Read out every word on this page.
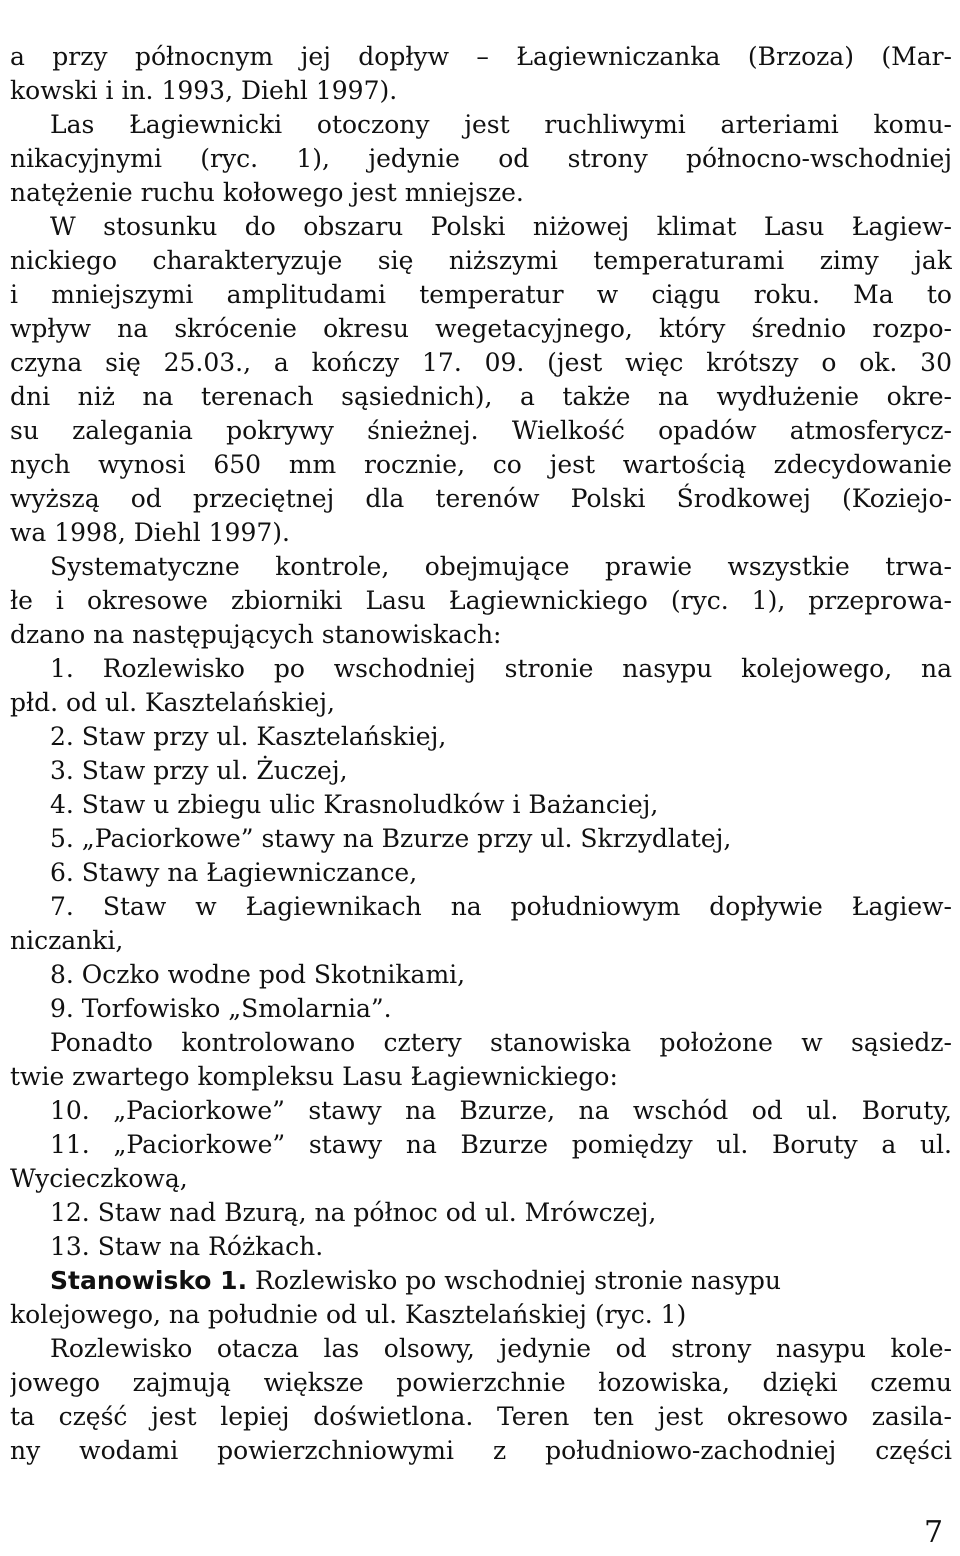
a przy północnym jej dopływ – Łagiewniczanka (Brzoza) (Mar-
kowski i in. 1993, Diehl 1997).
Las Łagiewnicki otoczony jest ruchliwymi arteriami komu-
nikacyjnymi (ryc. 1), jedynie od strony północno-wschodniej
natężenie ruchu kołowego jest mniejsze.
W stosunku do obszaru Polski niżowej klimat Lasu Łagiew-
nickiego charakteryzuje się niższymi temperaturami zimy jak
i mniejszymi amplitudami temperatur w ciągu roku. Ma to
wpływ na skrócenie okresu wegetacyjnego, który średnio rozpo-
czyna się 25.03., a kończy 17. 09. (jest więc krótszy o ok. 30
dni niż na terenach sąsiednich), a także na wydłużenie okre-
su zalegania pokrywy śnieżnej. Wielkość opadów atmosferycz-
nych wynosi 650 mm rocznie, co jest wartością zdecydowanie
wyższą od przeciętnej dla terenów Polski Środkowej (Koziejo-
wa 1998, Diehl 1997).
Systematyczne kontrole, obejmujące prawie wszystkie trwa-
łe i okresowe zbiorniki Lasu Łagiewnickiego (ryc. 1), przeprowa-
dzano na następujących stanowiskach:
1. Rozlewisko po wschodniej stronie nasypu kolejowego, na
płd. od ul. Kasztelańskiej,
2. Staw przy ul. Kasztelańskiej,
3. Staw przy ul. Żuczej,
4. Staw u zbiegu ulic Krasnoludków i Bażanciej,
5. „Paciorkowe” stawy na Bzurze przy ul. Skrzydlatej,
6. Stawy na Łagiewniczance,
7. Staw w Łagiewnikach na południowym dopływie Łagiew-
niczanki,
8. Oczko wodne pod Skotnikami,
9. Torfowisko „Smolarnia”.
Ponadto kontrolowano cztery stanowiska położone w sąsiedz-
twie zwartego kompleksu Lasu Łagiewnickiego:
10. „Paciorkowe” stawy na Bzurze, na wschód od ul. Boruty,
11. „Paciorkowe” stawy na Bzurze pomiędzy ul. Boruty a ul.
Wycieczkową,
12. Staw nad Bzurą, na północ od ul. Mrówczej,
13. Staw na Różkach.
Stanowisko 1. Rozlewisko po wschodniej stronie nasypu
kolejowego, na południe od ul. Kasztelańskiej (ryc. 1)
Rozlewisko otacza las olsowy, jedynie od strony nasypu kole-
jowego zajmują większe powierzchnie łozowiska, dzięki czemu
ta część jest lepiej doświetlona. Teren ten jest okresowo zasila-
ny wodami powierzchniowymi z południowo-zachodniej części
7
